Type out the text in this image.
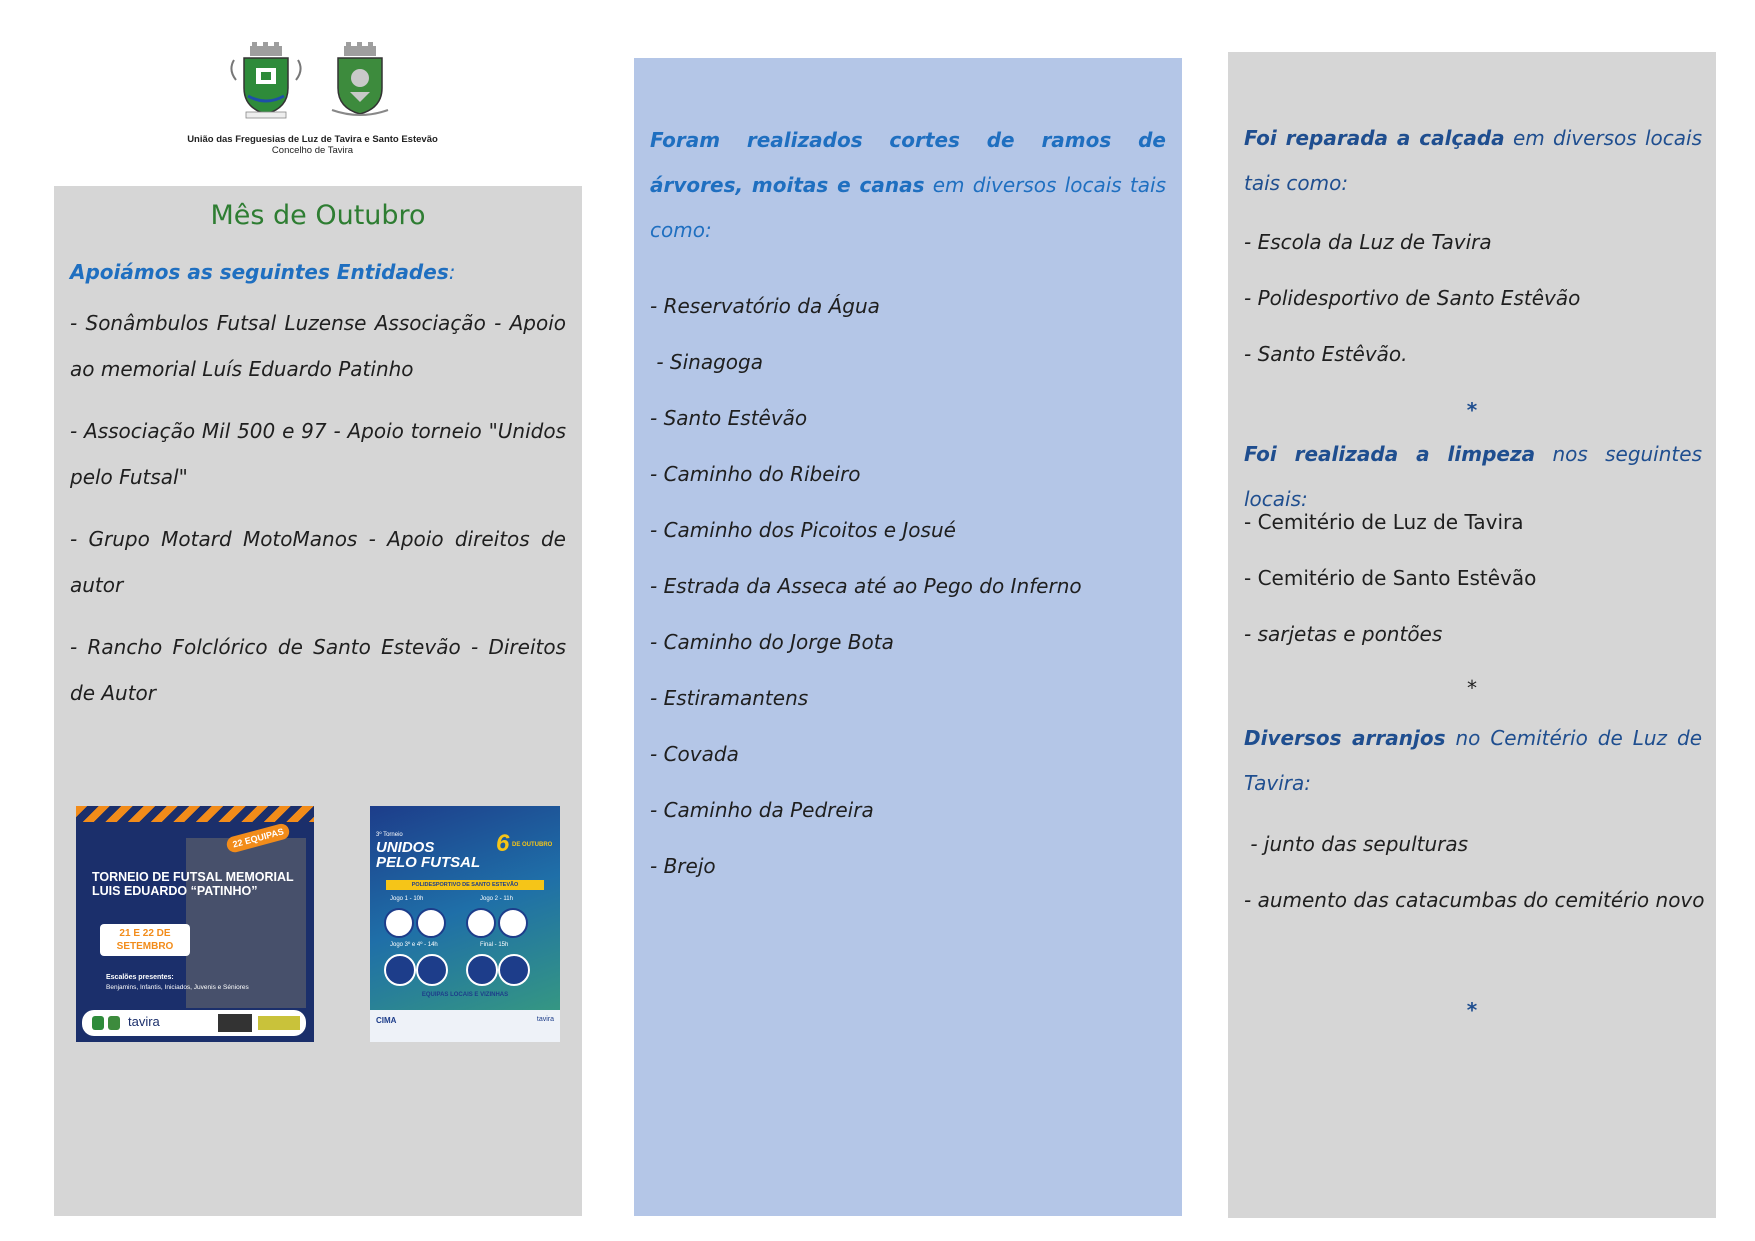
União das Freguesias de Luz de Tavira e Santo Estevão
Concelho de Tavira
Mês de Outubro
Apoiámos as seguintes Entidades:
- Sonâmbulos Futsal Luzense Associação - Apoio ao memorial Luís Eduardo Patinho
- Associação Mil 500 e 97 - Apoio torneio "Unidos pelo Futsal"
- Grupo Motard MotoManos - Apoio direitos de autor
- Rancho Folclórico de Santo Estevão - Direitos de Autor
22 EQUIPAS
TORNEIO DE FUTSAL MEMORIAL
LUIS EDUARDO “PATINHO”
21 E 22 DE
SETEMBRO
Escalões presentes:
Benjamins, Infantis, Iniciados, Juvenis e Séniores
tavira
3º Torneio
UNIDOS
PELO FUTSAL
6 DE OUTUBRO
POLIDESPORTIVO DE SANTO ESTEVÃO
Jogo 1 - 10h	Jogo 2 - 11h
Jogo 3º e 4º - 14h	Final - 15h
EQUIPAS LOCAIS E VIZINHAS
CIMA	tavira
Foram realizados cortes de ramos de árvores, moitas e canas em diversos locais tais como:
- Reservatório da Água
- Sinagoga
- Santo Estêvão
- Caminho do Ribeiro
- Caminho dos Picoitos e Josué
- Estrada da Asseca até ao Pego do Inferno
- Caminho do Jorge Bota
- Estiramantens
- Covada
- Caminho da Pedreira
- Brejo
Foi reparada a calçada em diversos locais tais como:
- Escola da Luz de Tavira
- Polidesportivo de Santo Estêvão
- Santo Estêvão.
*
Foi realizada a limpeza nos seguintes locais:
- Cemitério de Luz de Tavira
- Cemitério de Santo Estêvão
- sarjetas e pontões
*
Diversos arranjos no Cemitério de Luz de Tavira:
- junto das sepulturas
- aumento das catacumbas do cemitério novo
*
